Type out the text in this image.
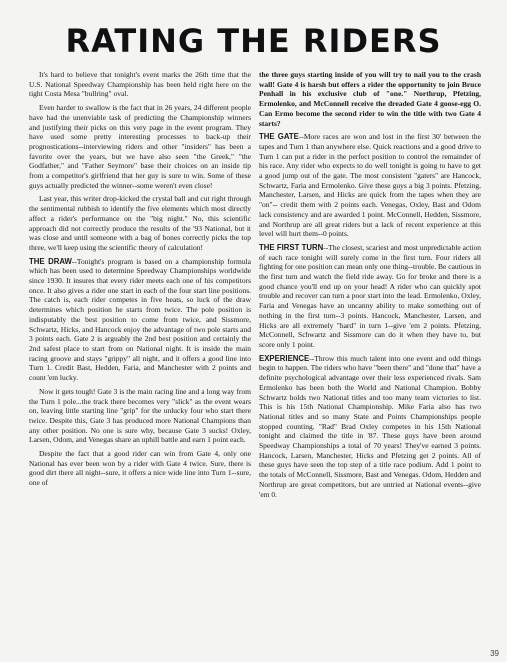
RATING THE RIDERS

It's hard to believe that tonight's event marks the 26th time that the U.S. National Speedway Championship has been held right here on the tight Costa Mesa "bullring" oval.

Even harder to swallow is the fact that in 26 years, 24 different people have had the unenviable task of predicting the Championship winners and justifying their picks on this very page in the event program. They have used some pretty interesting processes to back-up their prognostications--interviewing riders and other "insiders" has been a favorite over the years, but we have also seen "the Greek," "the Godfather," and "Father Seymore" base their choices on an inside tip from a competitor's girlfriend that her guy is sure to win. Some of these guys actually predicted the winner--some weren't even close!

Last year, this writer drop-kicked the crystal ball and cut right through the sentimental rubbish to identify the five elements which most directly affect a rider's performance on the "big night." No, this scientific approach did not correctly produce the results of the '93 National, but it was close and until someone with a bag of bones correctly picks the top three, we'll keep using the scientific theory of calculation!

THE DRAW--Tonight's program is based on a championship formula which has been used to determine Speedway Championships worldwide since 1930. It insures that every rider meets each one of his competitors once. It also gives a rider one start in each of the four start line positions. The catch is, each rider competes in five heats, so luck of the draw determines which position he starts from twice. The pole position is indisputably the best position to come from twice, and Sissmore, Schwartz, Hicks, and Hancock enjoy the advantage of two pole starts and 3 points each. Gate 2 is arguably the 2nd best position and certainly the 2nd safest place to start from on National night. It is inside the main racing groove and stays "grippy" all night, and it offers a good line into Turn 1. Credit Bast, Hedden, Faria, and Manchester with 2 points and count 'em lucky.

Now it gets tough! Gate 3 is the main racing line and a long way from the Turn 1 pole...the track there becomes very "slick" as the event wears on, leaving little starting line "grip" for the unlucky four who start there twice. Despite this, Gate 3 has produced more National Champions than any other position. No one is sure why, because Gate 3 sucks! Oxley, Larsen, Odom, and Venegas share an uphill battle and earn 1 point each.

Despite the fact that a good rider can win from Gate 4, only one National has ever been won by a rider with Gate 4 twice. Sure, there is good dirt there all night--sure, it offers a nice wide line into Turn 1--sure, one of

the three guys starting inside of you will try to nail you to the crash wall! Gate 4 is harsh but offers a rider the opportunity to join Bruce Penhall in his exclusive club of "one." Northrup, Pfetzing, Ermolenko, and McConnell receive the dreaded Gate 4 goose-egg O. Can Ermo become the second rider to win the title with two Gate 4 starts?

THE GATE--More races are won and lost in the first 30' between the tapes and Turn 1 than anywhere else. Quick reactions and a good drive to Turn 1 can put a rider in the perfect position to control the remainder of his race. Any rider who expects to do well tonight is going to have to get a good jump out of the gate. The most consistent "gaters" are Hancock, Schwartz, Faria and Ermolenko. Give these guys a big 3 points. Pfetzing, Manchester, Larsen, and Hicks are quick from the tapes when they are "on"-- credit them with 2 points each. Venegas, Oxley, Bast and Odom lack consistency and are awarded 1 point. McConnell, Hedden, Sissmore, and Northrup are all great riders but a lack of recent experience at this level will hurt them--0 points.

THE FIRST TURN--The closest, scariest and most unpredictable action of each race tonight will surely come in the first turn. Four riders all fighting for one position can mean only one thing--trouble. Be cautious in the first turn and watch the field ride away. Go for broke and there is a good chance you'll end up on your head! A rider who can quickly spot trouble and recover can turn a poor start into the lead. Ermolenko, Oxley, Faria and Venegas have an uncanny ability to make something out of nothing in the first turn--3 points. Hancock, Manchester, Larsen, and Hicks are all extremely "hard" in turn 1--give 'em 2 points. Pfetzing, McConnell, Schwartz and Sissmore can do it when they have to, but score only 1 point.

EXPERIENCE--Throw this much talent into one event and odd things begin to happen. The riders who have "been there" and "done that" have a definite psychological advantage over their less experienced rivals. Sam Ermolenko has been both the World and National Champion. Bobby Schwartz holds two National titles and too many team victories to list. This is his 15th National Championship. Mike Faria also has two National titles and so many State and Points Championships people stopped counting. "Rad" Brad Oxley competes in his 15th National tonight and claimed the title in '87. These guys have been around Speedway Championships a total of 70 years! They've earned 3 points. Hancock, Larsen, Manchester, Hicks and Pfetzing get 2 points. All of these guys have seen the top step of a title race podium. Add 1 point to the totals of McConnell, Sissmore, Bast and Venegas. Odom, Hedden and Northrup are great competitors, but are untried at National events--give 'em 0.

39
